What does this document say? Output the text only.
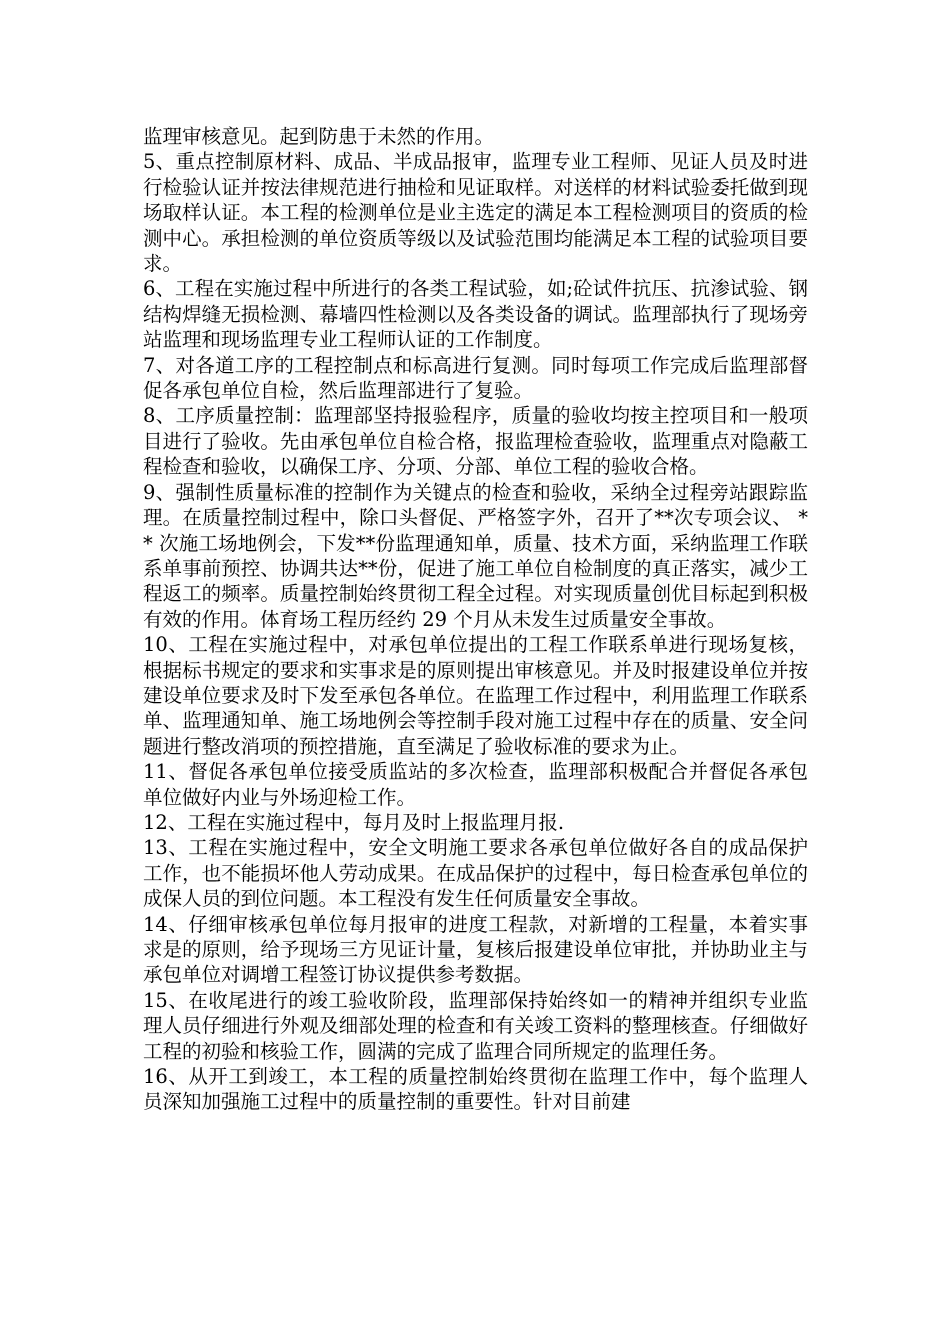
监理审核意见。起到防患于未然的作用。

5、重点控制原材料、成品、半成品报审，监理专业工程师、见证人员及时进行检验认证并按法律规范进行抽检和见证取样。对送样的材料试验委托做到现场取样认证。本工程的检测单位是业主选定的满足本工程检测项目的资质的检测中心。承担检测的单位资质等级以及试验范围均能满足本工程的试验项目要求。

6、工程在实施过程中所进行的各类工程试验，如;砼试件抗压、抗渗试验、钢结构焊缝无损检测、幕墙四性检测以及各类设备的调试。监理部执行了现场旁站监理和现场监理专业工程师认证的工作制度。

7、对各道工序的工程控制点和标高进行复测。同时每项工作完成后监理部督促各承包单位自检，然后监理部进行了复验。

8、工序质量控制：监理部坚持报验程序，质量的验收均按主控项目和一般项目进行了验收。先由承包单位自检合格，报监理检查验收，监理重点对隐蔽工程检查和验收，以确保工序、分项、分部、单位工程的验收合格。

9、强制性质量标准的控制作为关键点的检查和验收，采纳全过程旁站跟踪监理。在质量控制过程中，除口头督促、严格签字外，召开了**次专项会议、 ** 次施工场地例会，下发**份监理通知单，质量、技术方面，采纳监理工作联系单事前预控、协调共达**份，促进了施工单位自检制度的真正落实，减少工程返工的频率。质量控制始终贯彻工程全过程。对实现质量创优目标起到积极有效的作用。体育场工程历经约 29 个月从未发生过质量安全事故。

10、工程在实施过程中，对承包单位提出的工程工作联系单进行现场复核，根据标书规定的要求和实事求是的原则提出审核意见。并及时报建设单位并按建设单位要求及时下发至承包各单位。在监理工作过程中，利用监理工作联系单、监理通知单、施工场地例会等控制手段对施工过程中存在的质量、安全问题进行整改消项的预控措施，直至满足了验收标准的要求为止。

11、督促各承包单位接受质监站的多次检查，监理部积极配合并督促各承包单位做好内业与外场迎检工作。

12、工程在实施过程中，每月及时上报监理月报.

13、工程在实施过程中，安全文明施工要求各承包单位做好各自的成品保护工作，也不能损坏他人劳动成果。在成品保护的过程中，每日检查承包单位的成保人员的到位问题。本工程没有发生任何质量安全事故。

14、仔细审核承包单位每月报审的进度工程款，对新增的工程量，本着实事求是的原则，给予现场三方见证计量，复核后报建设单位审批，并协助业主与承包单位对调增工程签订协议提供参考数据。

15、在收尾进行的竣工验收阶段，监理部保持始终如一的精神并组织专业监理人员仔细进行外观及细部处理的检查和有关竣工资料的整理核查。仔细做好工程的初验和核验工作，圆满的完成了监理合同所规定的监理任务。

16、从开工到竣工，本工程的质量控制始终贯彻在监理工作中，每个监理人员深知加强施工过程中的质量控制的重要性。针对目前建
